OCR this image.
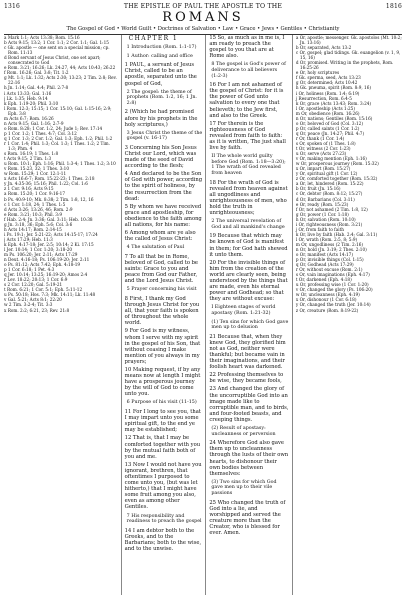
1316	THE EPISTLE OF PAUL THE APOSTLE TO THE	1816
ROMANS
The Gospel of God • World Guilt • Doctrines of Salvation • Law • Grace • Jews • Gentiles • Christianity

a Mark 1:1; Acts 13:38; Rom. 15:16

b Acts 9:15; 13:2; 1 Cor. 1:1; 2 Cor. 1:1; Gal. 1:15

c Gk. apostle — one sent on a special mission; cp. Rom. 11:13

d Bond servant of Jesus Christ, one set apart; consecrated to God

e Rom. 3:21; 16:26; Lk. 24:27, 44; Acts 10:43; 26:22

f Rom. 16:26; Gal. 3:8; Tit. 1:2

g Mt. 1:1; Lk. 1:32; Acts 2:30; 13:23; 2 Tim. 2:8; Rev. 22:16

h Jn. 1:14; Gal. 4:4; Phil. 2:7-8

i Acts 13:33; Gal. 1:16

j Lk. 1:35; Heb. 9:14

k Eph. 1:19-20; Phil. 3:10

l Rom. 12:3; 15:15; 1 Cor. 15:10; Gal. 1:15-16; 2:9; Eph. 3:8

m Acts 6:7; Rom. 16:26

n Acts 9:15; Gal. 1:16; 2:7-9

o Rom. 8:28; 1 Cor. 1:2, 24; Jude 1; Rev. 17:14

p 1 Cor. 1:2; 1 Thes. 4:7; Col. 3:12

q 1 Cor. 1:3; 2 Cor. 1:2; Gal. 1:3; Eph. 1:2; Phil. 1:2

r 1 Cor. 1:4; Phil. 1:3; Col. 1:3; 1 Thes. 1:2; 2 Tim. 1:3; Phm. 4

s Rom. 16:19; 1 Thes. 1:8

t Acts 9:15; 2 Tim. 1:3

u Rom. 10:1; Eph. 1:16; Phil. 1:3-4; 1 Thes. 1:2; 3:10

v Rom. 15:23, 32; 1 Thes. 3:10

w Rom. 15:29; 1 Cor. 12:1-11

x Acts 16:6-7; Rom. 15:22-23; 1 Thes. 2:18

y Jn. 4:35-36; 15:16; Phil. 1:22; Col. 1:6

z 1 Cor. 9:16; Acts 9:15

a Rom. 15:20; 1 Cor. 9:16-17

b Ps. 40:9-10; Mk. 8:38; 2 Tim. 1:8, 12, 16

c 1 Cor. 1:18, 24; 1 Thes. 1:5

d Acts 3:26; 13:26, 46; Rom. 2:9

e Rom. 3:21; 10:3; Phil. 3:9

f Hab. 2:4; Jn. 3:36; Gal. 3:11; Heb. 10:38

g Jn. 3:18, 36; Eph. 5:6; Col. 3:6

h Acts 14:17; Rom. 2:14-15

i Ps. 19:1; Jer. 5:21-22; Acts 14:15-17; 17:24

j Acts 17:29; Heb. 11:3

k Eph. 4:17-18; Jer. 2:5; 10:14; 2 Ki. 17:15

l Jer. 10:14; 1 Cor. 1:20; 3:18-20

m Ps. 106:20; Jer. 2:11; Acts 17:29

n Deut. 4:16-18; Ps. 106:19-20; Jer. 2:11

o Ps. 81:12; Acts 7:42; Eph. 4:18-19

p 1 Cor. 6:18; 1 Pet. 4:3

q Jer. 10:14; 13:25; 16:19-20; Amos 2:4

r Lev. 18:22; 20:13; 1 Cor. 6:9

s 2 Cor. 12:20; Gal. 5:19-21

t Rom. 6:21; 1 Cor. 5:1; Eph. 5:11-12

u Ps. 50:18; Hos. 7:3; Mk. 14:11; Lk. 11:48

v Gal. 5:21; Acts 8:1; 22:20

w 2 Tim. 3:2-4; Tit. 3:3

x Rom. 2:2; 6:21, 23; Rev. 21:8

CHAPTER 1
1 Introduction (Rom. 1:1-17)
1 Author: calling and office

1 PAUL, a servant of Jesus Christ, called to be an apostle, separated unto the gospel of God,

2 The gospel: the theme of prophets (Rom. 1:2, 16; 1 Jn. 2:8)

2 (Which he had promised afore by his prophets in the holy scriptures,)

3 Jesus Christ the theme of the gospel (v. 16-17)

3 Concerning his Son Jesus Christ our Lord, which was made of the seed of David according to the flesh;

4 And declared to be the Son of God with power, according to the spirit of holiness, by the resurrection from the dead:

5 By whom we have received grace and apostleship, for obedience to the faith among all nations, for his name:

6 Among whom are ye also the called of Jesus Christ:

4 The salutation of Paul

7 To all that be in Rome, beloved of God, called to be saints: Grace to you and peace from God our Father, and the Lord Jesus Christ.

5 Prayer concerning his visit

8 First, I thank my God through Jesus Christ for you all, that your faith is spoken of throughout the whole world.

9 For God is my witness, whom I serve with my spirit in the gospel of his Son, that without ceasing I make mention of you always in my prayers;

10 Making request, if by any means now at length I might have a prosperous journey by the will of God to come unto you.

6 Purpose of his visit (11-15)

11 For I long to see you, that I may impart unto you some spiritual gift, to the end ye may be established;

12 That is, that I may be comforted together with you by the mutual faith both of you and me.

13 Now I would not have you ignorant, brethren, that oftentimes I purposed to come unto you, (but was let hitherto,) that I might have some fruit among you also, even as among other Gentiles.

7 His responsibility and readiness to preach the gospel

14 I am debtor both to the Greeks, and to the Barbarians; both to the wise, and to the unwise.

15 So, as much as in me is, I am ready to preach the gospel to you that are at Rome also.

8 The gospel is God's power of deliverance to all believers (1:2-3)

16 For I am not ashamed of the gospel of Christ: for it is the power of God unto salvation to every one that believeth; to the Jew first, and also to the Greek.

17 For therein is the righteousness of God revealed from faith to faith: as it is written, The just shall live by faith.

II The whole world guilty before God (Rom. 1:18—3:20); 1 The wrath of God revealed from heaven

18 For the wrath of God is revealed from heaven against all ungodliness and unrighteousness of men, who hold the truth in unrighteousness;

2 The universal revelation of God and all mankind's change

19 Because that which may be known of God is manifest in them; for God hath shewed it unto them.

20 For the invisible things of him from the creation of the world are clearly seen, being understood by the things that are made, even his eternal power and Godhead; so that they are without excuse:

I Eighteen stages of world apostasy (Rom. 1:21-32)
(1) Ten sins for which God gave men up to delusion

21 Because that, when they knew God, they glorified him not as God, neither were thankful; but became vain in their imaginations, and their foolish heart was darkened.

22 Professing themselves to be wise, they became fools,

23 And changed the glory of the uncorruptible God into an image made like to corruptible man, and to birds, and four-footed beasts, and creeping things.

(2) Result of apostasy: uncleanness or perversion

24 Wherefore God also gave them up to uncleanness through the lusts of their own hearts, to dishonour their own bodies between themselves:

(3) Two sins for which God gave men up to their vile passions

25 Who changed the truth of God into a lie, and worshipped and served the creature more than the Creator, who is blessed for ever. Amen.

a Or, apostle; messenger. Gk. apostolos (Mt. 10:2; Jn. 13:16)

b Or, separated, Acts 13:2

c Or, gospel; glad tidings. Gk. euangelion (v. 1, 9, 15, 16)

d Or, promised. Writing in the prophets, Rom. 16:25-26

e Or, holy scriptures

f Gk. sperma, seed, Acts 13:23

g Or, determined; Acts 10:42

h Gk. pneuma, spirit (Rom. 8:9, 16)

i Or, holiness (Rom. 1:4; 6:19)

j Resurrection, Rom. 6:4-5

k Or, grace (Acts 13:43; Rom. 3:24)

l Or, apostleship (Acts 1:25)

m Or, obedience (Rom. 16:26)

n Or, nations; Gentiles (Rom. 15:16)

o Or, beloved of God (Col. 3:12)

p Or, called saints (1 Cor. 1:2)

q Or, peace (Jn. 14:27; Phil. 4:7)

r Or, thank (1 Cor. 1:4)

s Or, spoken of (1 Thes. 1:8)

t Or, witness (2 Cor. 1:23)

u Or, serve (Acts 27:23)

v Or, making mention (Eph. 1:16)

w Or, prosperous journey (Rom. 15:32)

x Or, impart (Rom. 15:27)

y Or, spiritual gift (1 Cor. 12)

z Or, comforted together (Rom. 15:32)

a Or, let, hindered (Rom. 15:22)

b Or, fruit (Jn. 15:16)

c Or, debtor (Rom. 8:12; 15:27)

d Or, Barbarians (Col. 3:11)

e Or, ready (Rom. 15:23)

f Or, not ashamed (2 Tim. 1:8, 12)

g Or, power (1 Cor. 1:18)

h Or, salvation (Rom. 10:10)

i Or, righteousness (Rom. 3:21)

j Or, from faith to faith

k Or, live by faith (Hab. 2:4; Gal. 3:11)

l Or, wrath (Rom. 2:5, 8; 5:9)

m Or, ungodliness (2 Tim. 2:16)

n Or, hold (Jn. 3:19; 2 Thes. 2:10)

o Or, manifest (Acts 14:17)

p Or, invisible things (Col. 1:15)

q Or, Godhead (Acts 17:29)

r Or, without excuse (Rom. 2:1)

s Or, vain imaginations (Eph. 4:17)

t Or, darkened (Eph. 4:18)

u Or, professing wise (1 Cor. 1:20)

v Or, changed the glory (Ps. 106:20)

w Or, uncleanness (Eph. 4:19)

x Or, dishonour (1 Cor. 6:18)

y Or, changed the truth (Jer. 10:14)

z Or, creature (Rom. 8:19-22)
